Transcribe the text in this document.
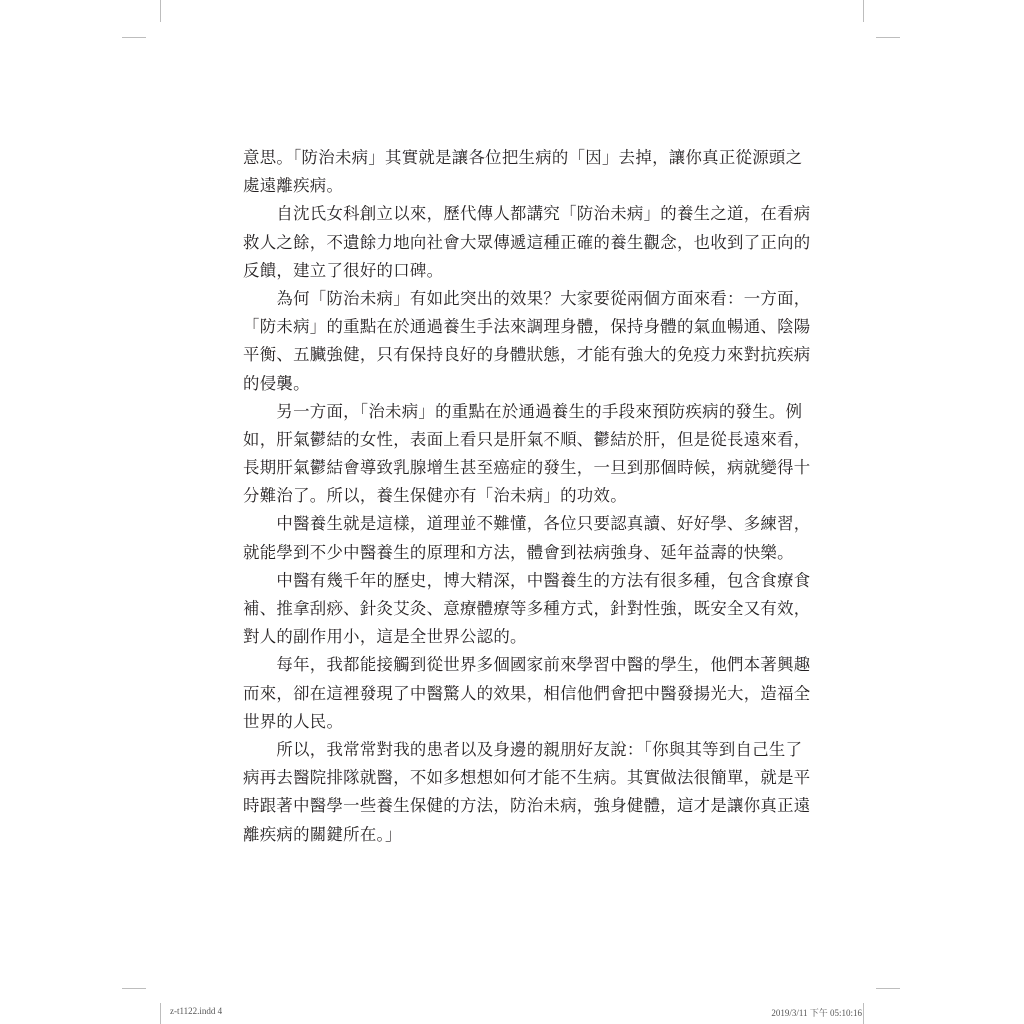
意思。「防治未病」其實就是讓各位把生病的「因」去掉，讓你真正從源頭之
處遠離疾病。
　　自沈氏女科創立以來，歷代傳人都講究「防治未病」的養生之道，在看病
救人之餘，不遺餘力地向社會大眾傳遞這種正確的養生觀念，也收到了正向的
反饋，建立了很好的口碑。
　　為何「防治未病」有如此突出的效果？大家要從兩個方面來看：一方面，
「防未病」的重點在於通過養生手法來調理身體，保持身體的氣血暢通、陰陽
平衡、五臟強健，只有保持良好的身體狀態，才能有強大的免疫力來對抗疾病
的侵襲。
　　另一方面，「治未病」的重點在於通過養生的手段來預防疾病的發生。例
如，肝氣鬱結的女性，表面上看只是肝氣不順、鬱結於肝，但是從長遠來看，
長期肝氣鬱結會導致乳腺增生甚至癌症的發生，一旦到那個時候，病就變得十
分難治了。所以，養生保健亦有「治未病」的功效。
　　中醫養生就是這樣，道理並不難懂，各位只要認真讀、好好學、多練習，
就能學到不少中醫養生的原理和方法，體會到祛病強身、延年益壽的快樂。
　　中醫有幾千年的歷史，博大精深，中醫養生的方法有很多種，包含食療食
補、推拿刮痧、針灸艾灸、意療體療等多種方式，針對性強，既安全又有效，
對人的副作用小，這是全世界公認的。
　　每年，我都能接觸到從世界多個國家前來學習中醫的學生，他們本著興趣
而來，卻在這裡發現了中醫驚人的效果，相信他們會把中醫發揚光大，造福全
世界的人民。
　　所以，我常常對我的患者以及身邊的親朋好友說：「你與其等到自己生了
病再去醫院排隊就醫，不如多想想如何才能不生病。其實做法很簡單，就是平
時跟著中醫學一些養生保健的方法，防治未病，強身健體，這才是讓你真正遠
離疾病的關鍵所在。」
z-t1122.indd 4	2019/3/11 下午 05:10:16
